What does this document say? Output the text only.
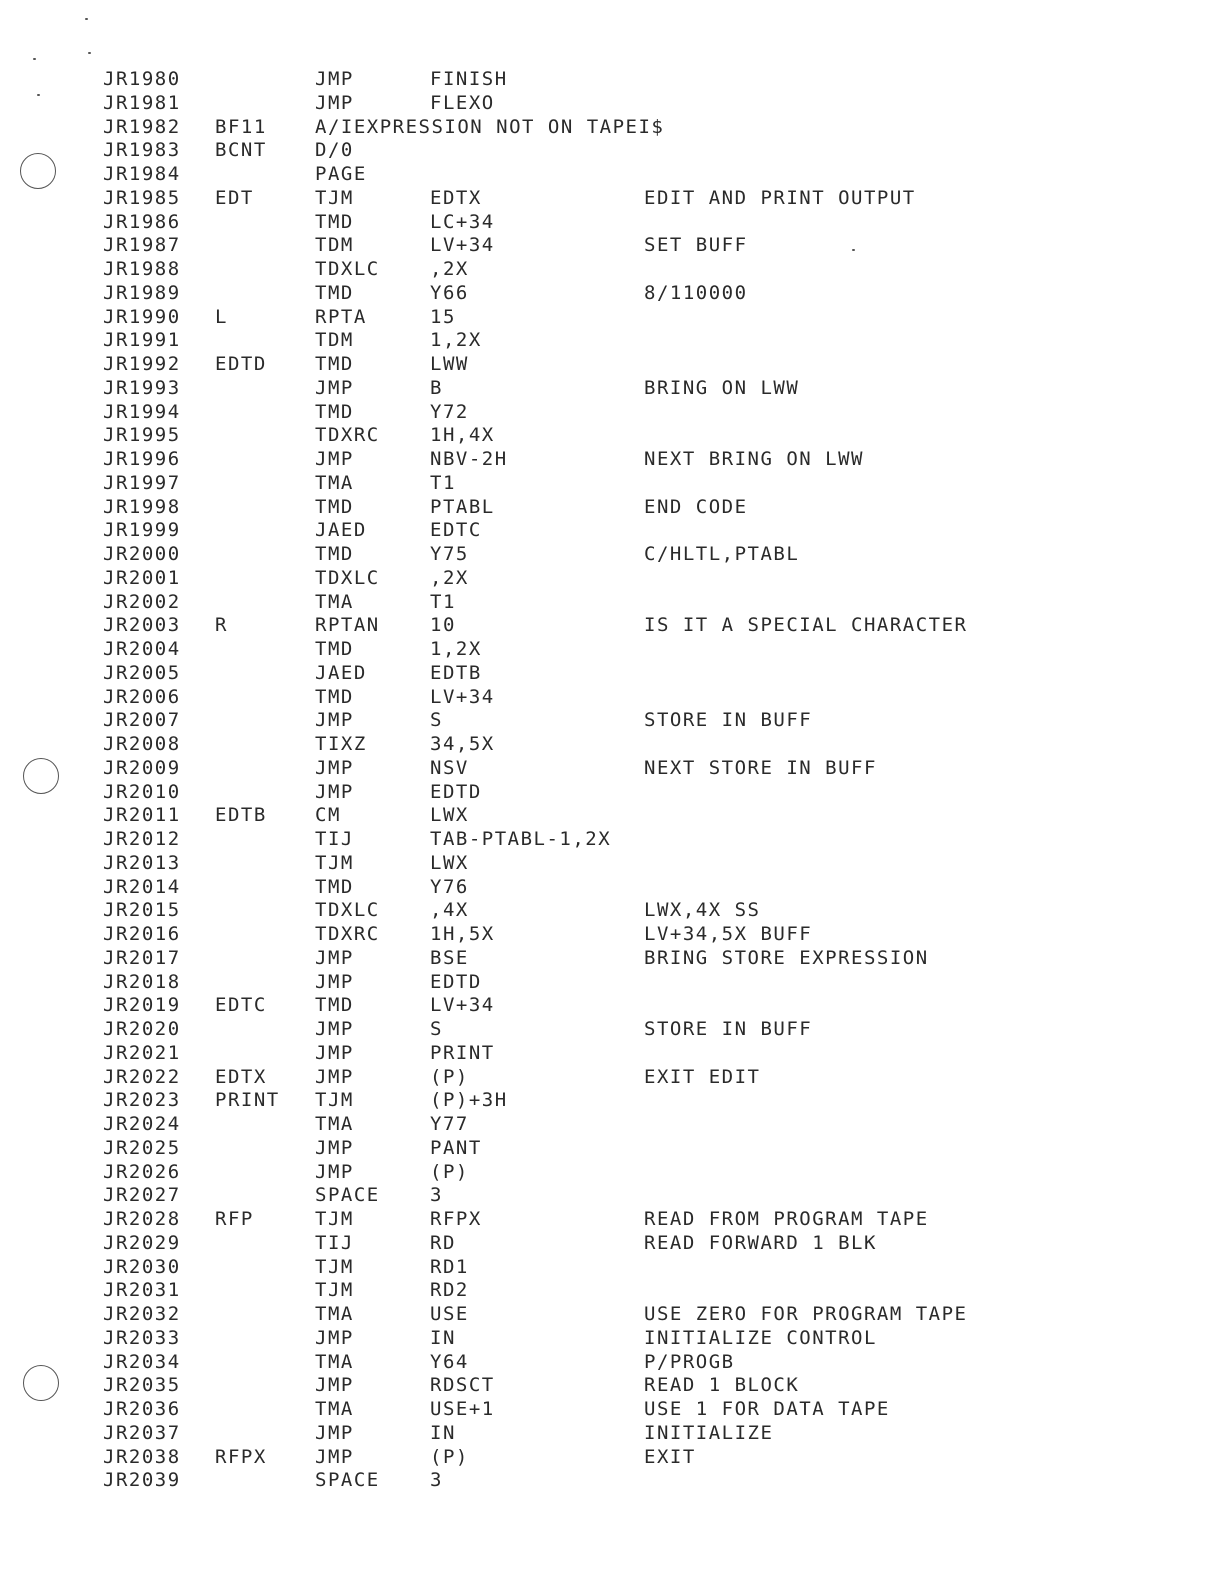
JR1980	JMP	FINISH
JR1981	JMP	FLEXO
JR1982 BF11	A/IEXPRESSION NOT ON TAPEI$
JR1983 BCNT	D/0
JR1984	PAGE
JR1985 EDT	TJM	EDTX	EDIT AND PRINT OUTPUT
JR1986	TMD	LC+34
JR1987	TDM	LV+34	SET BUFF
JR1988	TDXLC	,2X
JR1989	TMD	Y66	8/110000
JR1990 L	RPTA	15
JR1991	TDM	1,2X
JR1992 EDTD	TMD	LWW
JR1993	JMP	B	BRING ON LWW
JR1994	TMD	Y72
JR1995	TDXRC	1H,4X
JR1996	JMP	NBV-2H	NEXT BRING ON LWW
JR1997	TMA	T1
JR1998	TMD	PTABL	END CODE
JR1999	JAED	EDTC
JR2000	TMD	Y75	C/HLTL,PTABL
JR2001	TDXLC	,2X
JR2002	TMA	T1
JR2003 R	RPTAN	10	IS IT A SPECIAL CHARACTER
JR2004	TMD	1,2X
JR2005	JAED	EDTB
JR2006	TMD	LV+34
JR2007	JMP	S	STORE IN BUFF
JR2008	TIXZ	34,5X
JR2009	JMP	NSV	NEXT STORE IN BUFF
JR2010	JMP	EDTD
JR2011 EDTB	CM	LWX
JR2012	TIJ	TAB-PTABL-1,2X
JR2013	TJM	LWX
JR2014	TMD	Y76
JR2015	TDXLC	,4X	LWX,4X SS
JR2016	TDXRC	1H,5X	LV+34,5X BUFF
JR2017	JMP	BSE	BRING STORE EXPRESSION
JR2018	JMP	EDTD
JR2019 EDTC	TMD	LV+34
JR2020	JMP	S	STORE IN BUFF
JR2021	JMP	PRINT
JR2022 EDTX	JMP	(P)	EXIT EDIT
JR2023 PRINT TJM	(P)+3H
JR2024	TMA	Y77
JR2025	JMP	PANT
JR2026	JMP	(P)
JR2027	SPACE	3
JR2028 RFP	TJM	RFPX	READ FROM PROGRAM TAPE
JR2029	TIJ	RD	READ FORWARD 1 BLK
JR2030	TJM	RD1
JR2031	TJM	RD2
JR2032	TMA	USE	USE ZERO FOR PROGRAM TAPE
JR2033	JMP	IN	INITIALIZE CONTROL
JR2034	TMA	Y64	P/PROGB
JR2035	JMP	RDSCT	READ 1 BLOCK
JR2036	TMA	USE+1	USE 1 FOR DATA TAPE
JR2037	JMP	IN	INITIALIZE
JR2038 RFPX	JMP	(P)	EXIT
JR2039	SPACE	3
